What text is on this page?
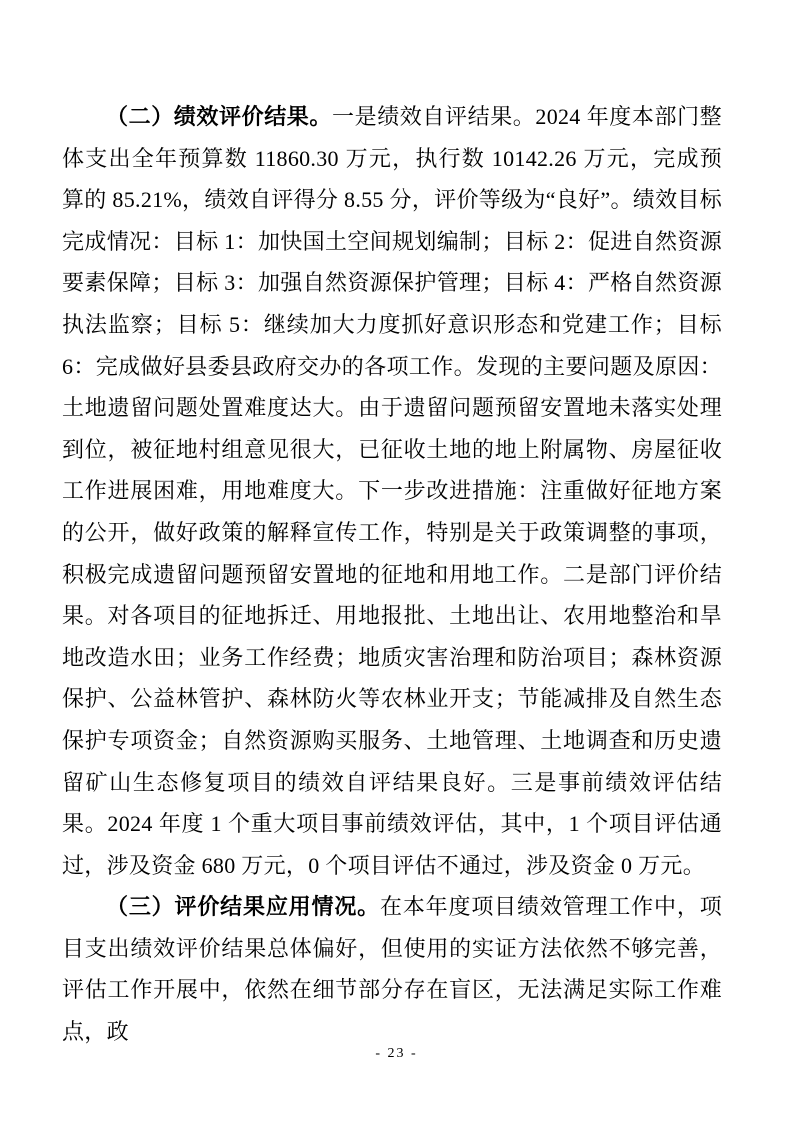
（二）绩效评价结果。一是绩效自评结果。2024 年度本部门整体支出全年预算数 11860.30 万元，执行数 10142.26 万元，完成预算的 85.21%，绩效自评得分 8.55 分，评价等级为“良好”。绩效目标完成情况：目标 1：加快国土空间规划编制；目标 2：促进自然资源要素保障；目标 3：加强自然资源保护管理；目标 4：严格自然资源执法监察；目标 5：继续加大力度抓好意识形态和党建工作；目标 6：完成做好县委县政府交办的各项工作。发现的主要问题及原因：土地遗留问题处置难度达大。由于遗留问题预留安置地未落实处理到位，被征地村组意见很大，已征收土地的地上附属物、房屋征收工作进展困难，用地难度大。下一步改进措施：注重做好征地方案的公开，做好政策的解释宣传工作，特别是关于政策调整的事项，积极完成遗留问题预留安置地的征地和用地工作。二是部门评价结果。对各项目的征地拆迁、用地报批、土地出让、农用地整治和旱地改造水田；业务工作经费；地质灾害治理和防治项目；森林资源保护、公益林管护、森林防火等农林业开支；节能减排及自然生态保护专项资金；自然资源购买服务、土地管理、土地调查和历史遗留矿山生态修复项目的绩效自评结果良好。三是事前绩效评估结果。2024 年度 1 个重大项目事前绩效评估，其中，1 个项目评估通过，涉及资金 680 万元，0 个项目评估不通过，涉及资金 0 万元。

（三）评价结果应用情况。在本年度项目绩效管理工作中，项目支出绩效评价结果总体偏好，但使用的实证方法依然不够完善，评估工作开展中，依然在细节部分存在盲区，无法满足实际工作难点，政

- 23 -
